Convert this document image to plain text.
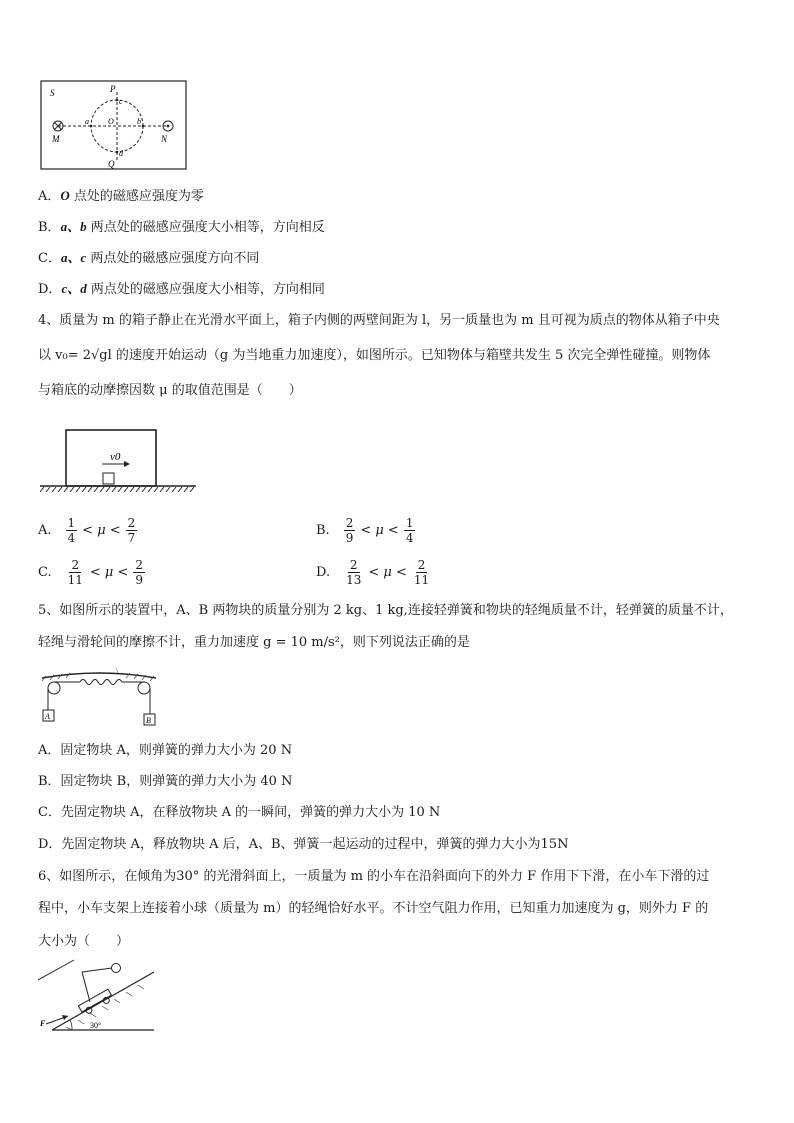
S	P
c
a O	b
M	N
d
Q
A．O 点处的磁感应强度为零
B．a、b 两点处的磁感应强度大小相等，方向相反
C．a、c 两点处的磁感应强度方向不同
D．c、d 两点处的磁感应强度大小相等，方向相同
4、质量为 m 的箱子静止在光滑水平面上，箱子内侧的两壁间距为 l，另一质量也为 m 且可视为质点的物体从箱子中央
以 v₀= 2√gl 的速度开始运动（g 为当地重力加速度），如图所示。已知物体与箱壁共发生 5 次完全弹性碰撞。则物体
与箱底的动摩擦因数 μ 的取值范围是（　　）
v0
A. $\frac{1}{4} < \mu < \frac{2}{7}$	B. $\frac{2}{9} < \mu < \frac{1}{4}$
C. $\frac{2}{11} < \mu < \frac{2}{9}$	D. $\frac{2}{13} < \mu < \frac{2}{11}$
5、如图所示的装置中，A、B 两物块的质量分别为 2 kg、1 kg,连接轻弹簧和物块的轻绳质量不计，轻弹簧的质量不计，
轻绳与滑轮间的摩擦不计，重力加速度 g = 10 m/s²，则下列说法正确的是
\
A	B
A．固定物块 A，则弹簧的弹力大小为 20 N
B．固定物块 B，则弹簧的弹力大小为 40 N
C．先固定物块 A，在释放物块 A 的一瞬间，弹簧的弹力大小为 10 N
D．先固定物块 A，释放物块 A 后，A、B、弹簧一起运动的过程中，弹簧的弹力大小为15N
6、如图所示，在倾角为30° 的光滑斜面上，一质量为 m 的小车在沿斜面向下的外力 F 作用下下滑，在小车下滑的过
程中，小车支架上连接着小球（质量为 m）的轻绳恰好水平。不计空气阻力作用，已知重力加速度为 g，则外力 F 的
大小为（　　）
F	30°
